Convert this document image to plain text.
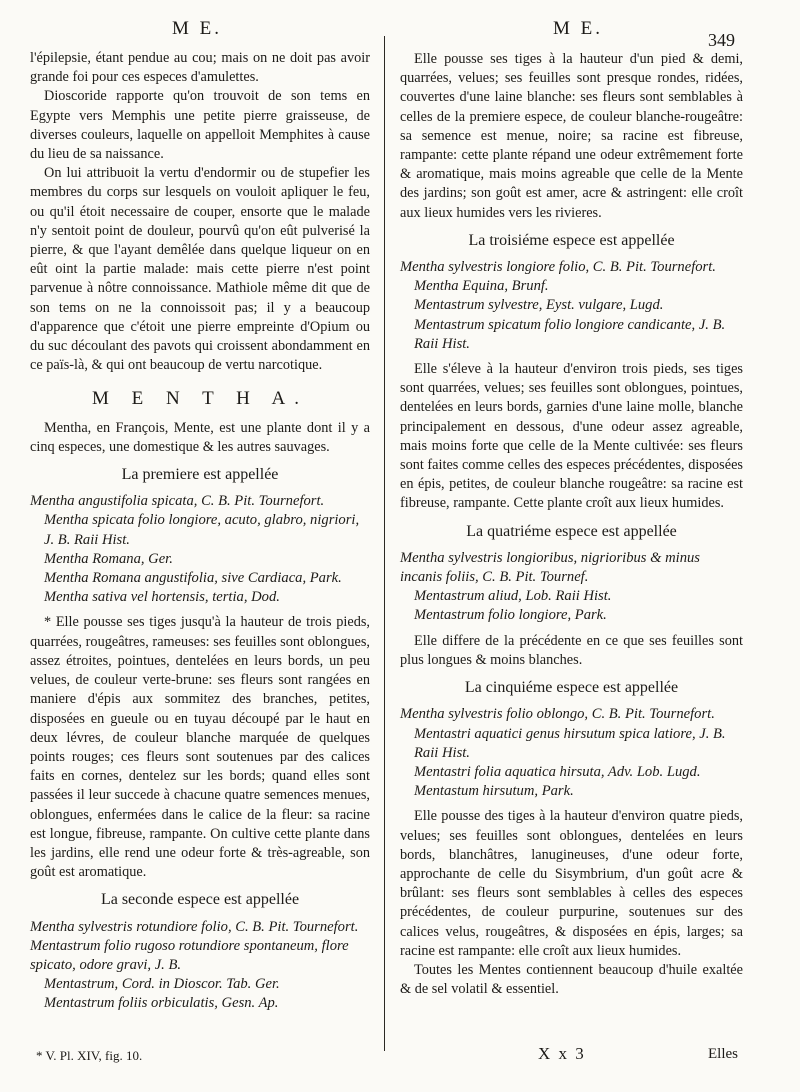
M E.	M E.
349

l'épilepsie, étant pendue au cou; mais on ne doit pas avoir grande foi pour ces especes d'amulettes.

Dioscoride rapporte qu'on trouvoit de son tems en Egypte vers Memphis une petite pierre graisseuse, de diverses couleurs, laquelle on appelloit Memphites à cause du lieu de sa naissance.

On lui attribuoit la vertu d'endormir ou de stupefier les membres du corps sur lesquels on vouloit apliquer le feu, ou qu'il étoit necessaire de couper, ensorte que le malade n'y sentoit point de douleur, pourvû qu'on eût pulverisé la pierre, & que l'ayant demêlée dans quelque liqueur on en eût oint la partie malade: mais cette pierre n'est point parvenue à nôtre connoissance. Mathiole même dit que de son tems on ne la connoissoit pas; il y a beaucoup d'apparence que c'étoit une pierre empreinte d'Opium ou du suc découlant des pavots qui croissent abondamment en ce païs-là, & qui ont beaucoup de vertu narcotique.

M E N T H A.

Mentha, en François, Mente, est une plante dont il y a cinq especes, une domestique & les autres sauvages.

La premiere est appellée

Mentha angustifolia spicata, C. B. Pit. Tournefort.

Mentha spicata folio longiore, acuto, glabro, nigriori, J. B. Raii Hist.

Mentha Romana, Ger.

Mentha Romana angustifolia, sive Cardiaca, Park.

Mentha sativa vel hortensis, tertia, Dod.

* Elle pousse ses tiges jusqu'à la hauteur de trois pieds, quarrées, rougeâtres, rameuses: ses feuilles sont oblongues, assez étroites, pointues, dentelées en leurs bords, un peu velues, de couleur verte-brune: ses fleurs sont rangées en maniere d'épis aux sommitez des branches, petites, disposées en gueule ou en tuyau découpé par le haut en deux lévres, de couleur blanche marquée de quelques points rouges; ces fleurs sont soutenues par des calices faits en cornes, dentelez sur les bords; quand elles sont passées il leur succede à chacune quatre semences menues, oblongues, enfermées dans le calice de la fleur: sa racine est longue, fibreuse, rampante. On cultive cette plante dans les jardins, elle rend une odeur forte & très-agreable, son goût est aromatique.

La seconde espece est appellée

Mentha sylvestris rotundiore folio, C. B. Pit. Tournefort.

Mentastrum folio rugoso rotundiore spontaneum, flore spicato, odore gravi, J. B.

Mentastrum, Cord. in Dioscor. Tab. Ger.

Mentastrum foliis orbiculatis, Gesn. Ap.

Elle pousse ses tiges à la hauteur d'un pied & demi, quarrées, velues; ses feuilles sont presque rondes, ridées, couvertes d'une laine blanche: ses fleurs sont semblables à celles de la premiere espece, de couleur blanche-rougeâtre: sa semence est menue, noire; sa racine est fibreuse, rampante: cette plante répand une odeur extrêmement forte & aromatique, mais moins agreable que celle de la Mente des jardins; son goût est amer, acre & astringent: elle croît aux lieux humides vers les rivieres.

La troisiéme espece est appellée

Mentha sylvestris longiore folio, C. B. Pit. Tournefort.

Mentha Equina, Brunf.

Mentastrum sylvestre, Eyst. vulgare, Lugd.

Mentastrum spicatum folio longiore candicante, J. B. Raii Hist.

Elle s'éleve à la hauteur d'environ trois pieds, ses tiges sont quarrées, velues; ses feuilles sont oblongues, pointues, dentelées en leurs bords, garnies d'une laine molle, blanche principalement en dessous, d'une odeur assez agreable, mais moins forte que celle de la Mente cultivée: ses fleurs sont faites comme celles des especes précédentes, disposées en épis, petites, de couleur blanche rougeâtre: sa racine est fibreuse, rampante. Cette plante croît aux lieux humides.

La quatriéme espece est appellée

Mentha sylvestris longioribus, nigrioribus & minus incanis foliis, C. B. Pit. Tournef.

Mentastrum aliud, Lob. Raii Hist.

Mentastrum folio longiore, Park.

Elle differe de la précédente en ce que ses feuilles sont plus longues & moins blanches.

La cinquiéme espece est appellée

Mentha sylvestris folio oblongo, C. B. Pit. Tournefort.

Mentastri aquatici genus hirsutum spica latiore, J. B. Raii Hist.

Mentastri folia aquatica hirsuta, Adv. Lob. Lugd.

Mentastum hirsutum, Park.

Elle pousse des tiges à la hauteur d'environ quatre pieds, velues; ses feuilles sont oblongues, dentelées en leurs bords, blanchâtres, lanugineuses, d'une odeur forte, approchante de celle du Sisymbrium, d'un goût acre & brûlant: ses fleurs sont semblables à celles des especes précédentes, de couleur purpurine, soutenues sur des calices velus, rougeâtres, & disposées en épis, larges; sa racine est rampante: elle croît aux lieux humides.

Toutes les Mentes contiennent beaucoup d'huile exaltée & de sel volatil & essentiel.

* V. Pl. XIV, fig. 10.	X x 3	Elles
